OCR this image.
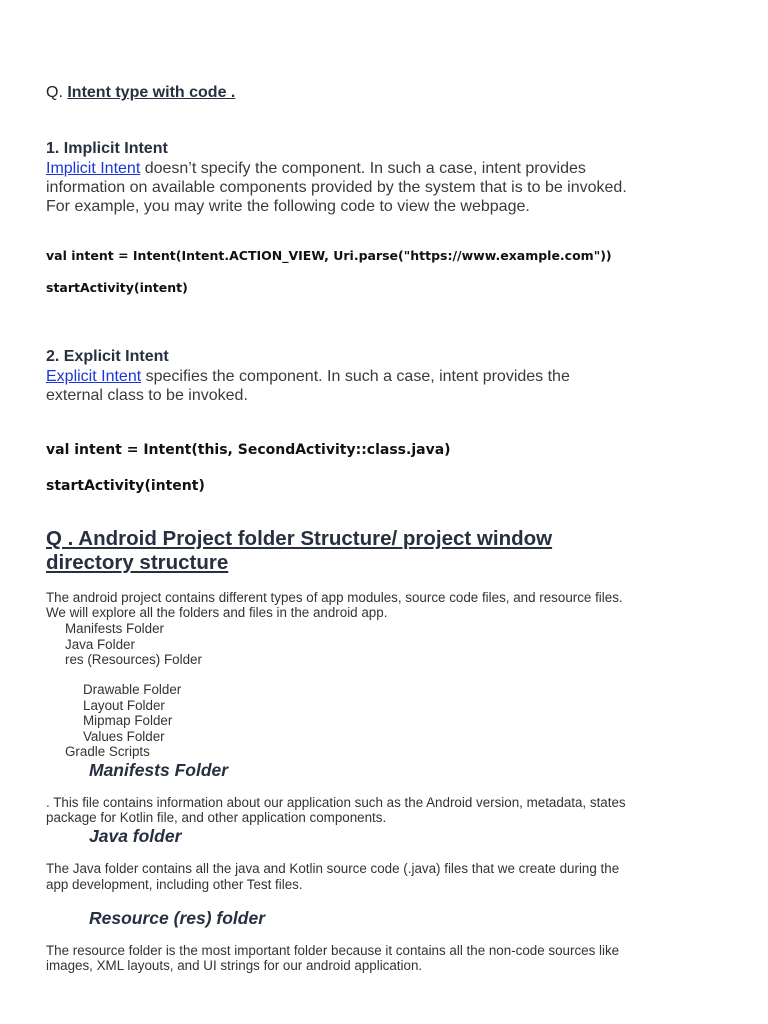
Q. Intent type with code .
1. Implicit Intent
Implicit Intent doesn’t specify the component. In such a case, intent provides
information on available components provided by the system that is to be invoked.
For example, you may write the following code to view the webpage.
val intent = Intent(Intent.ACTION_VIEW, Uri.parse("https://www.example.com"))
startActivity(intent)
2. Explicit Intent
Explicit Intent specifies the component. In such a case, intent provides the
external class to be invoked.
val intent = Intent(this, SecondActivity::class.java)
startActivity(intent)
Q . Android Project folder Structure/ project window
directory structure
The android project contains different types of app modules, source code files, and resource files.
We will explore all the folders and files in the android app.
Manifests Folder
Java Folder
res (Resources) Folder
Drawable Folder
Layout Folder
Mipmap Folder
Values Folder
Gradle Scripts
Manifests Folder
. This file contains information about our application such as the Android version, metadata, states
package for Kotlin file, and other application components.
Java folder
The Java folder contains all the java and Kotlin source code (.java) files that we create during the
app development, including other Test files.
Resource (res) folder
The resource folder is the most important folder because it contains all the non-code sources like
images, XML layouts, and UI strings for our android application.
